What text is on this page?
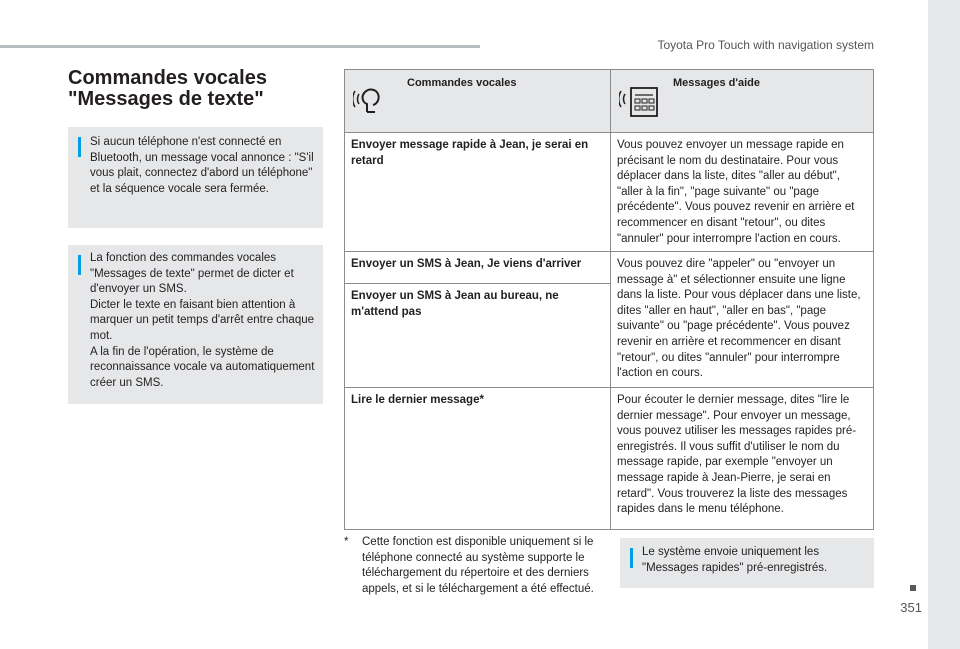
Toyota Pro Touch with navigation system
351
Commandes vocales "Messages de texte"
Si aucun téléphone n'est connecté en Bluetooth, un message vocal annonce : "S'il vous plait, connectez d'abord un téléphone" et la séquence vocale sera fermée.

La fonction des commandes vocales "Messages de texte" permet de dicter et d'envoyer un SMS.

Dicter le texte en faisant bien attention à marquer un petit temps d'arrêt entre chaque mot.

A la fin de l'opération, le système de reconnaissance vocale va automatiquement créer un SMS.

Commandes vocales	Messages d'aide
Envoyer message rapide à Jean, je serai en retard
Vous pouvez envoyer un message rapide en précisant le nom du destinataire. Pour vous déplacer dans la liste, dites "aller au début", "aller à la fin", "page suivante" ou "page précédente". Vous pouvez revenir en arrière et recommencer en disant "retour", ou dites "annuler" pour interrompre l'action en cours.
Envoyer un SMS à Jean, Je viens d'arriver
Envoyer un SMS à Jean au bureau, ne m'attend pas
Vous pouvez dire "appeler" ou "envoyer un message à" et sélectionner ensuite une ligne dans la liste. Pour vous déplacer dans une liste, dites "aller en haut", "aller en bas", "page suivante" ou "page précédente". Vous pouvez revenir en arrière et recommencer en disant "retour", ou dites "annuler" pour interrompre l'action en cours.
Lire le dernier message*	Pour écouter le dernier message, dites "lire le dernier message". Pour envoyer un message, vous pouvez utiliser les messages rapides pré-enregistrés. Il vous suffit d'utiliser le nom du message rapide, par exemple "envoyer un message rapide à Jean-Pierre, je serai en retard". Vous trouverez la liste des messages rapides dans le menu téléphone.
* Cette fonction est disponible uniquement si le téléphone connecté au système supporte le téléchargement du répertoire et des derniers appels, et si le téléchargement a été effectué.
Le système envoie uniquement les "Messages rapides" pré-enregistrés.
